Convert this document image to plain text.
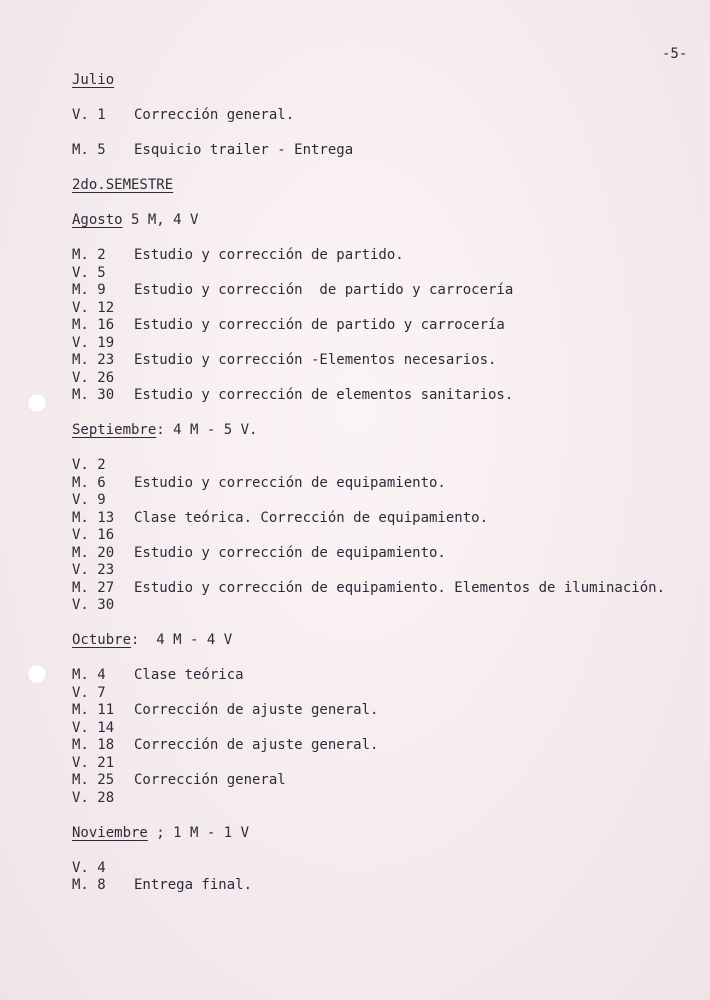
-5-
Julio
V. 1 Corrección general.
M. 5 Esquicio trailer - Entrega
2do.SEMESTRE
Agosto 5 M, 4 V
M. 2 Estudio y corrección de partido.
V. 5
M. 9 Estudio y corrección  de partido y carrocería
V. 12
M. 16 Estudio y corrección de partido y carrocería
V. 19
M. 23 Estudio y corrección -Elementos necesarios.
V. 26
M. 30 Estudio y corrección de elementos sanitarios.
Septiembre: 4 M - 5 V.
V. 2
M. 6 Estudio y corrección de equipamiento.
V. 9
M. 13 Clase teórica. Corrección de equipamiento.
V. 16
M. 20 Estudio y corrección de equipamiento.
V. 23
M. 27 Estudio y corrección de equipamiento. Elementos de iluminación.
V. 30
Octubre:  4 M - 4 V
M. 4 Clase teórica
V. 7
M. 11 Corrección de ajuste general.
V. 14
M. 18 Corrección de ajuste general.
V. 21
M. 25 Corrección general
V. 28
Noviembre ; 1 M - 1 V
V. 4
M. 8 Entrega final.
